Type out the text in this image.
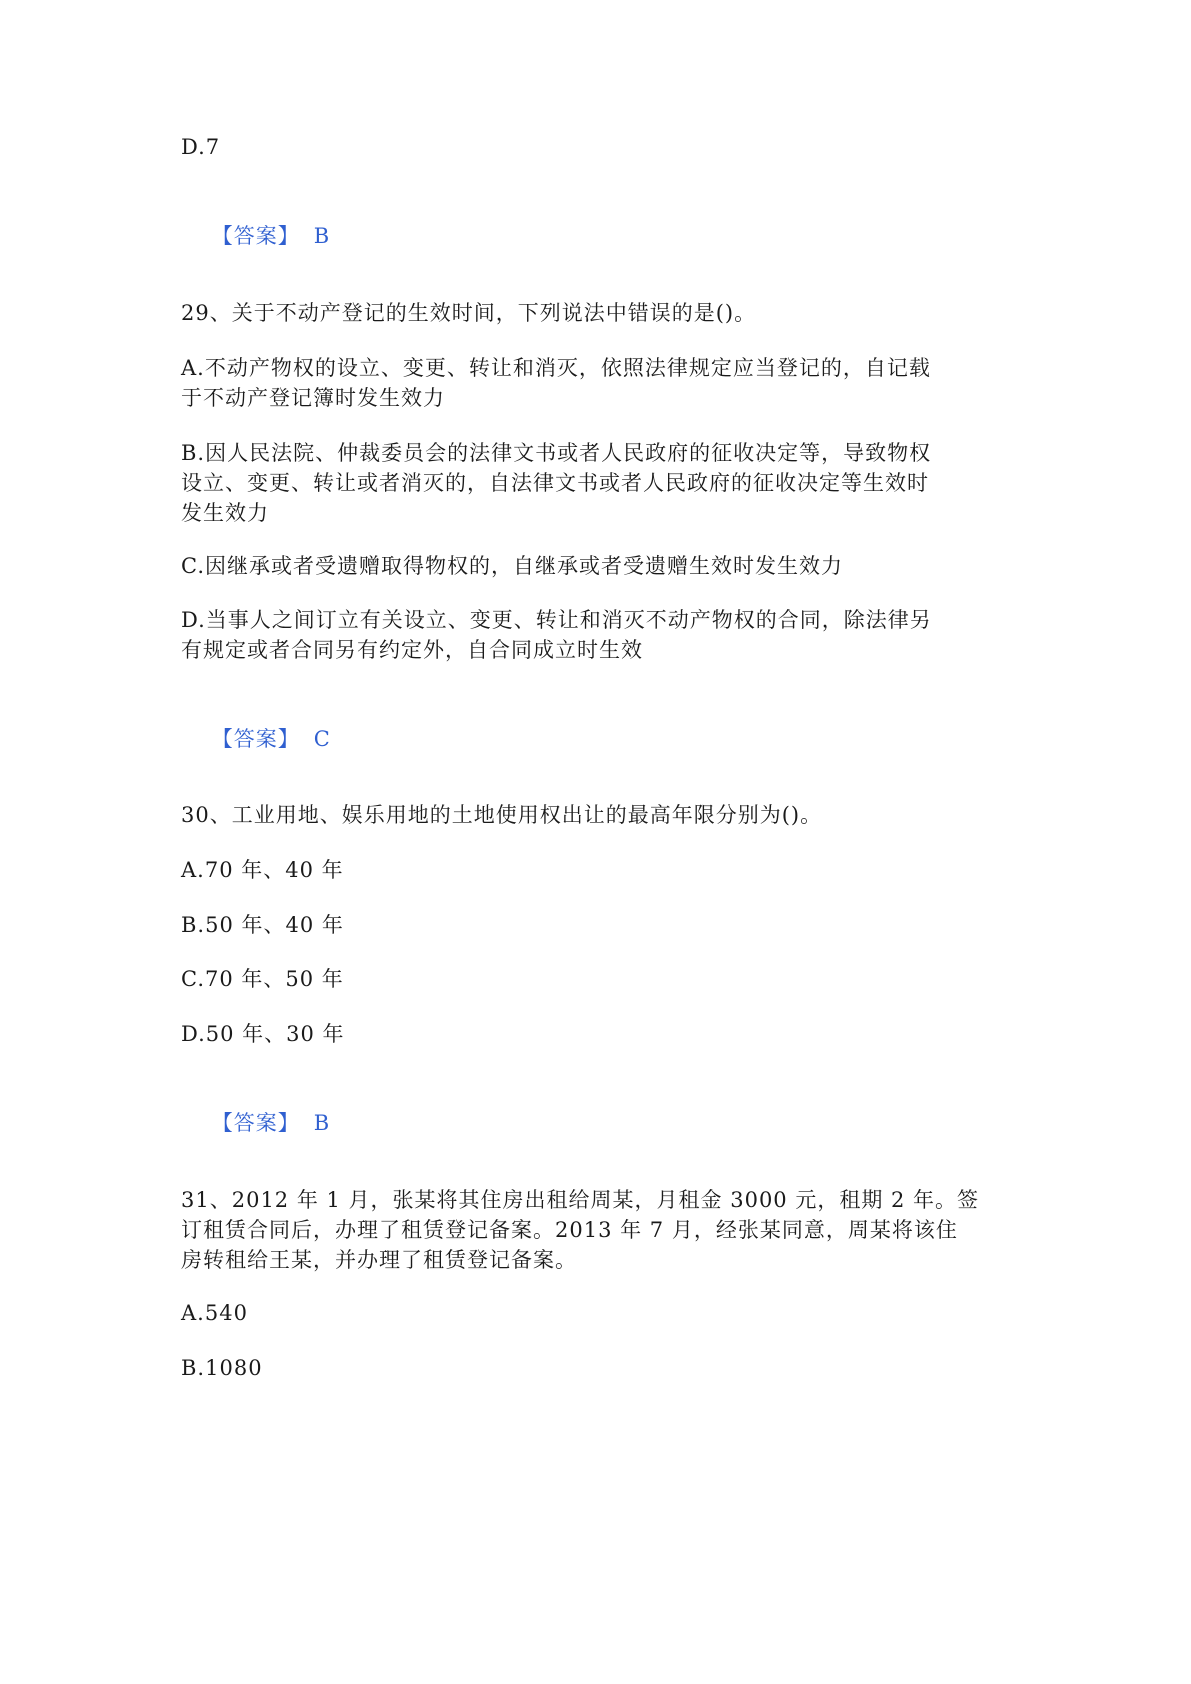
D.7

【答案】 B

29、关于不动产登记的生效时间，下列说法中错误的是()。
A.不动产物权的设立、变更、转让和消灭，依照法律规定应当登记的，自记载
于不动产登记簿时发生效力
B.因人民法院、仲裁委员会的法律文书或者人民政府的征收决定等，导致物权
设立、变更、转让或者消灭的，自法律文书或者人民政府的征收决定等生效时
发生效力
C.因继承或者受遗赠取得物权的，自继承或者受遗赠生效时发生效力
D.当事人之间订立有关设立、变更、转让和消灭不动产物权的合同，除法律另
有规定或者合同另有约定外，自合同成立时生效

【答案】 C

30、工业用地、娱乐用地的土地使用权出让的最高年限分别为()。
A.70 年、40 年
B.50 年、40 年
C.70 年、50 年
D.50 年、30 年

【答案】 B

31、2012 年 1 月，张某将其住房出租给周某，月租金 3000 元，租期 2 年。签
订租赁合同后，办理了租赁登记备案。2013 年 7 月，经张某同意，周某将该住
房转租给王某，并办理了租赁登记备案。
A.540
B.1080
